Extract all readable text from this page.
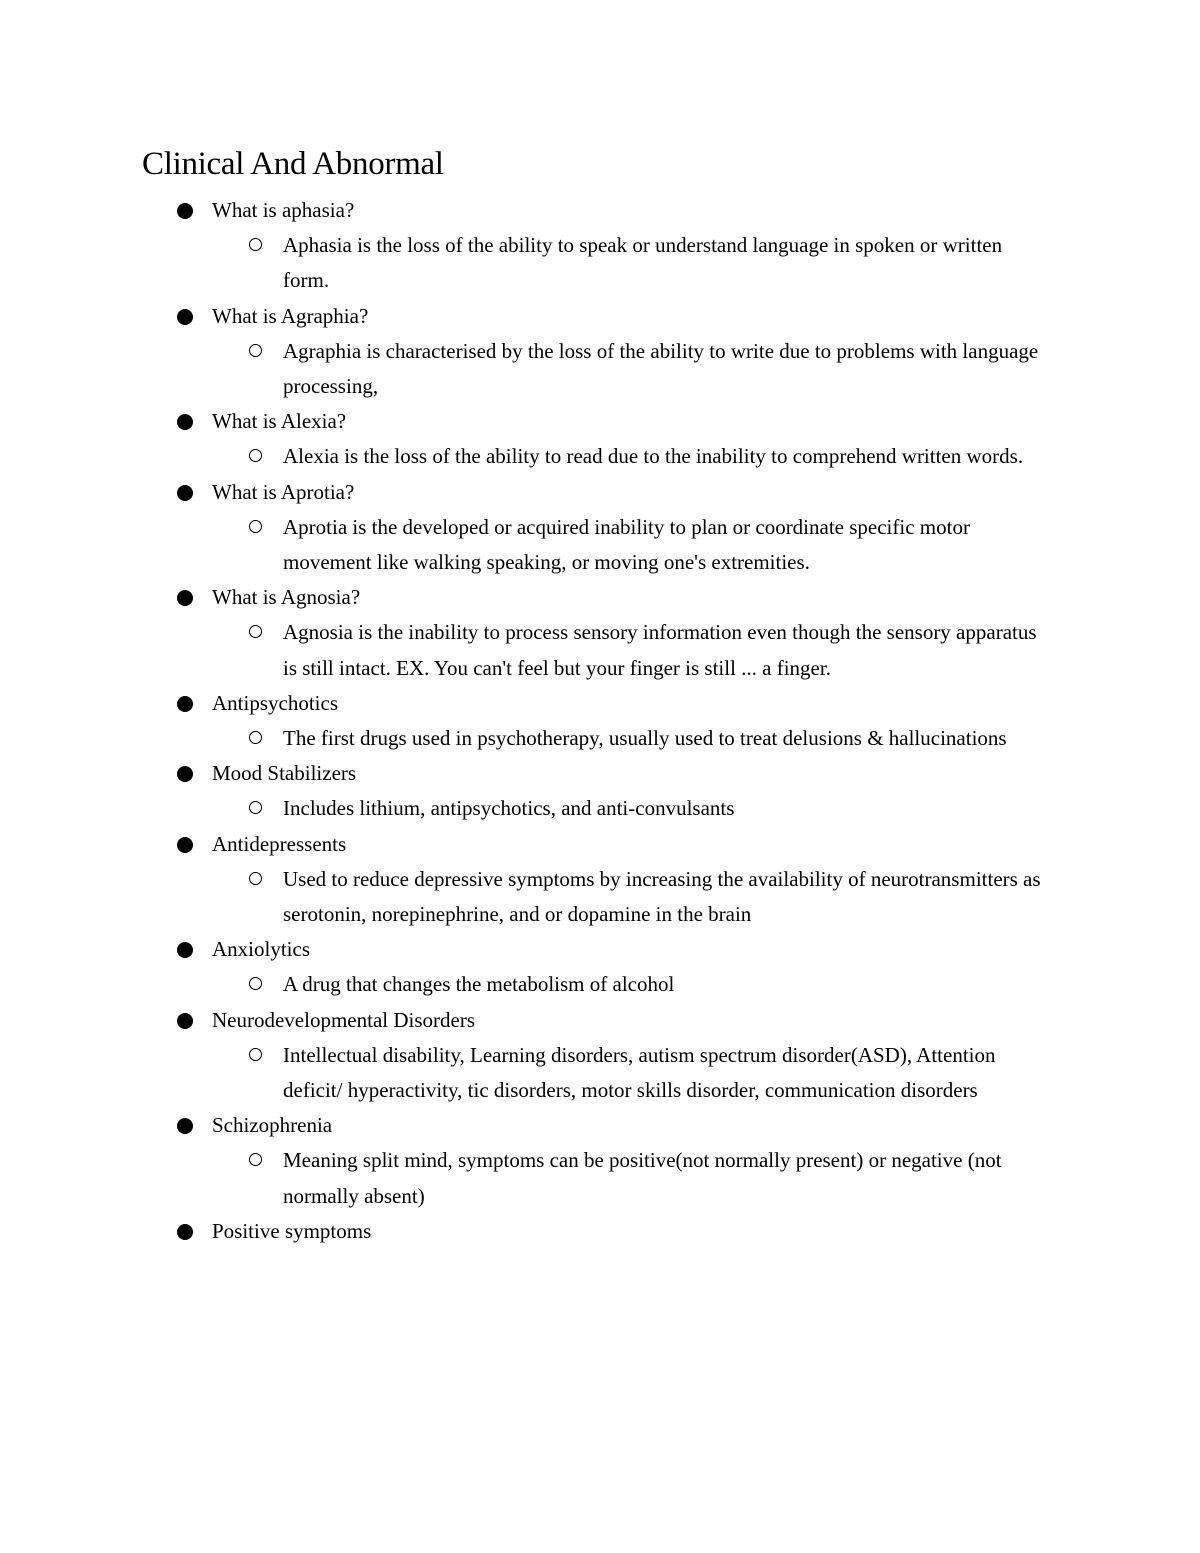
Clinical And Abnormal
What is aphasia?
Aphasia is the loss of the ability to speak or understand language in spoken or written form.
What is Agraphia?
Agraphia is characterised by the loss of the ability to write due to problems with language processing,
What is Alexia?
Alexia is the loss of the ability to read due to the inability to comprehend written words.
What is Aprotia?
Aprotia is the developed or acquired inability to plan or coordinate specific motor movement like walking speaking, or moving one's extremities.
What is Agnosia?
Agnosia is the inability to process sensory information even though the sensory apparatus is still intact. EX. You can't feel but your finger is still ... a finger.
Antipsychotics
The first drugs used in psychotherapy, usually used to treat delusions & hallucinations
Mood Stabilizers
Includes lithium, antipsychotics, and anti-convulsants
Antidepressents
Used to reduce depressive symptoms by increasing the availability of neurotransmitters as serotonin, norepinephrine, and or dopamine in the brain
Anxiolytics
A drug that changes the metabolism of alcohol
Neurodevelopmental Disorders
Intellectual disability, Learning disorders, autism spectrum disorder(ASD), Attention deficit/ hyperactivity, tic disorders, motor skills disorder, communication disorders
Schizophrenia
Meaning split mind, symptoms can be positive(not normally present) or negative (not normally absent)
Positive symptoms
